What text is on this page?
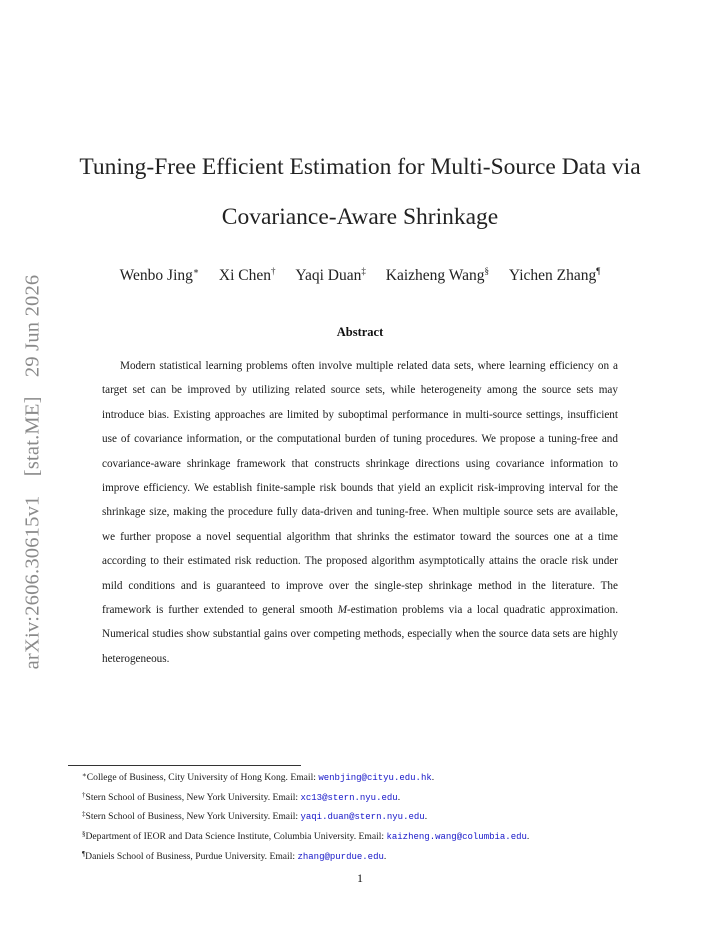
arXiv:2606.30615v1 [stat.ME] 29 Jun 2026
Tuning-Free Efficient Estimation for Multi-Source Data via
Covariance-Aware Shrinkage
Wenbo Jing∗ Xi Chen† Yaqi Duan‡ Kaizheng Wang§ Yichen Zhang¶
Abstract

Modern statistical learning problems often involve multiple related data sets, where learning efficiency on a target set can be improved by utilizing related source sets, while heterogeneity among the source sets may introduce bias. Existing approaches are limited by suboptimal performance in multi-source settings, insufficient use of covariance information, or the computational burden of tuning procedures. We propose a tuning-free and covariance-aware shrinkage framework that constructs shrinkage directions using covariance information to improve efficiency. We establish finite-sample risk bounds that yield an explicit risk-improving interval for the shrinkage size, making the procedure fully data-driven and tuning-free. When multiple source sets are available, we further propose a novel sequential algorithm that shrinks the estimator toward the sources one at a time according to their estimated risk reduction. The proposed algorithm asymptotically attains the oracle risk under mild conditions and is guaranteed to improve over the single-step shrinkage method in the literature. The framework is further extended to general smooth M-estimation problems via a local quadratic approximation. Numerical studies show substantial gains over competing methods, especially when the source data sets are highly heterogeneous.

∗College of Business, City University of Hong Kong. Email: wenbjing@cityu.edu.hk.
†Stern School of Business, New York University. Email: xc13@stern.nyu.edu.
‡Stern School of Business, New York University. Email: yaqi.duan@stern.nyu.edu.
§Department of IEOR and Data Science Institute, Columbia University. Email: kaizheng.wang@columbia.edu.
¶Daniels School of Business, Purdue University. Email: zhang@purdue.edu.
1
